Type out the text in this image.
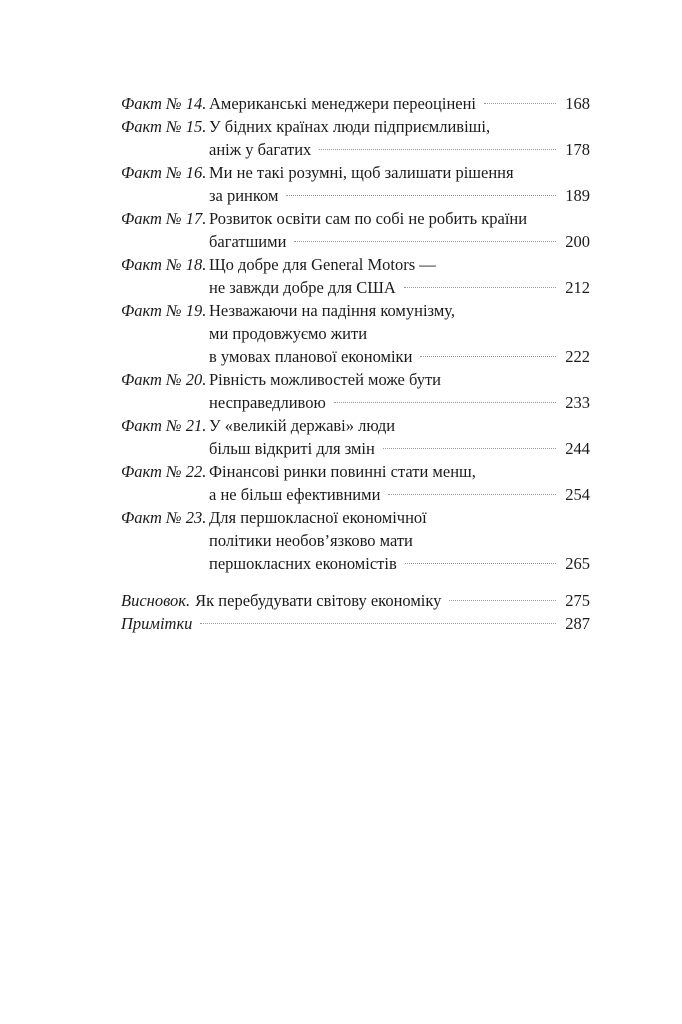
Факт № 14. Американські менеджери переоцінені	168
Факт № 15. У бідних країнах люди підприємливіші,
аніж у багатих	178
Факт № 16. Ми не такі розумні, щоб залишати рішення
за ринком	189
Факт № 17. Розвиток освіти сам по собі не робить країни
багатшими	200
Факт № 18. Що добре для General Motors —
не завжди добре для США	212
Факт № 19. Незважаючи на падіння комунізму,
ми продовжуємо жити
в умовах планової економіки	222
Факт № 20. Рівність можливостей може бути
несправедливою	233
Факт № 21. У «великій державі» люди
більш відкриті для змін	244
Факт № 22. Фінансові ринки повинні стати менш,
а не більш ефективними	254
Факт № 23. Для першокласної економічної
політики необов’язково мати
першокласних економістів	265
Висновок. Як перебудувати світову економіку	275
Примітки	287
